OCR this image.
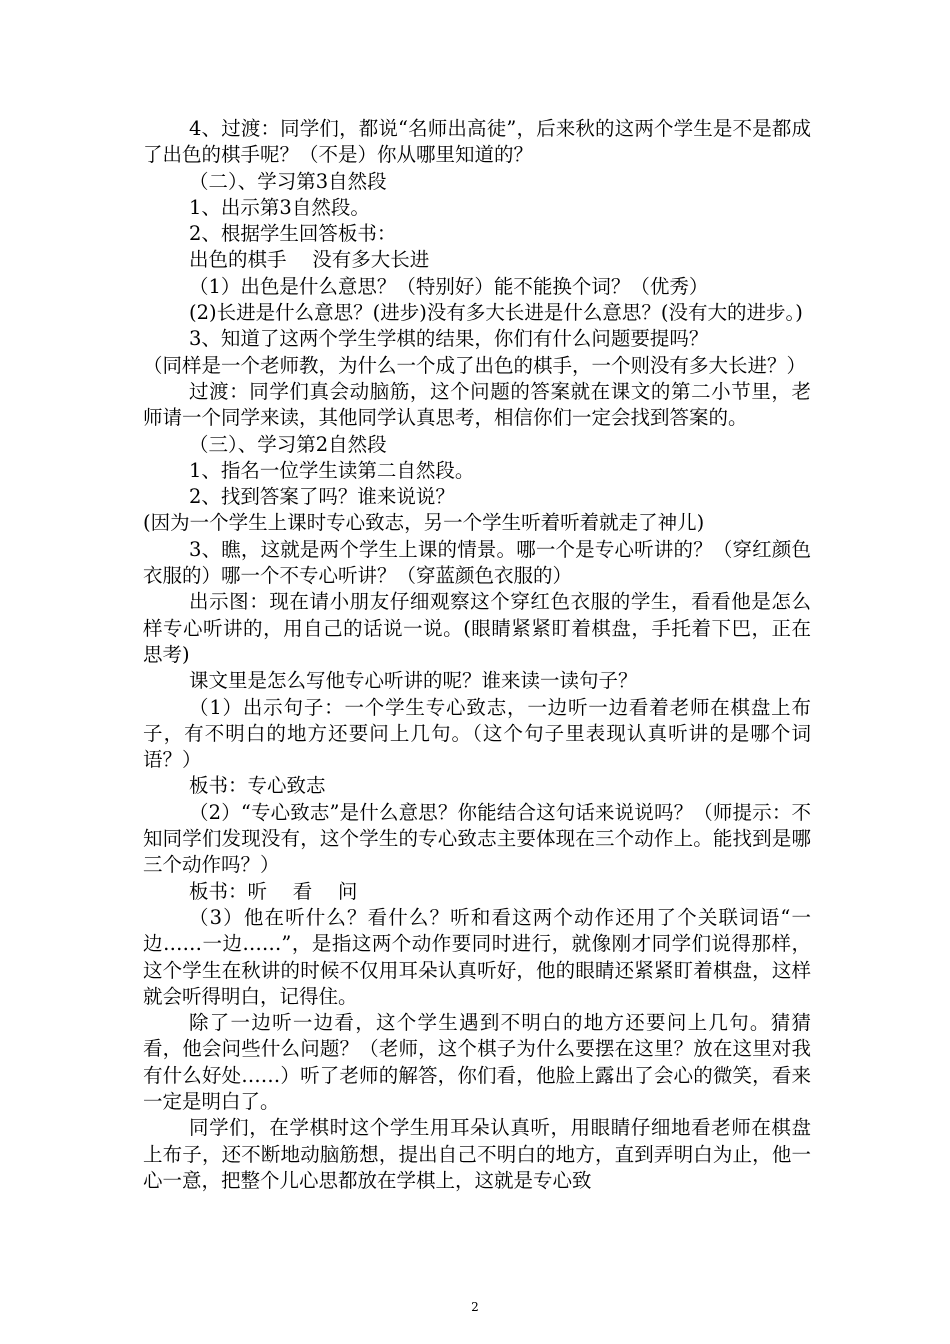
4、过渡：同学们，都说“名师出高徒”，后来秋的这两个学生是不是都成了出色的棋手呢？（不是）你从哪里知道的？

（二）、学习第3自然段

1、出示第3自然段。

2、根据学生回答板书：

出色的棋手　 没有多大长进

（1）出色是什么意思？（特别好）能不能换个词？（优秀）

(2)长进是什么意思？(进步)没有多大长进是什么意思？(没有大的进步。)

3、知道了这两个学生学棋的结果，你们有什么问题要提吗？

（同样是一个老师教，为什么一个成了出色的棋手，一个则没有多大长进？）

过渡：同学们真会动脑筋，这个问题的答案就在课文的第二小节里，老师请一个同学来读，其他同学认真思考，相信你们一定会找到答案的。

（三）、学习第2自然段

1、指名一位学生读第二自然段。

2、找到答案了吗？谁来说说？

(因为一个学生上课时专心致志，另一个学生听着听着就走了神儿)

3、瞧，这就是两个学生上课的情景。哪一个是专心听讲的？（穿红颜色衣服的）哪一个不专心听讲？（穿蓝颜色衣服的）

出示图：现在请小朋友仔细观察这个穿红色衣服的学生，看看他是怎么样专心听讲的，用自己的话说一说。(眼睛紧紧盯着棋盘，手托着下巴，正在思考)

课文里是怎么写他专心听讲的呢？谁来读一读句子？

（1）出示句子：一个学生专心致志，一边听一边看着老师在棋盘上布子，有不明白的地方还要问上几句。（这个句子里表现认真听讲的是哪个词语？）

板书：专心致志

（2）“专心致志”是什么意思？你能结合这句话来说说吗？（师提示：不知同学们发现没有，这个学生的专心致志主要体现在三个动作上。能找到是哪三个动作吗？）

板书：听　 看　 问

（3）他在听什么？看什么？听和看这两个动作还用了个关联词语“一边……一边……”，是指这两个动作要同时进行，就像刚才同学们说得那样，这个学生在秋讲的时候不仅用耳朵认真听好，他的眼睛还紧紧盯着棋盘，这样就会听得明白，记得住。

除了一边听一边看，这个学生遇到不明白的地方还要问上几句。猜猜看，他会问些什么问题？（老师，这个棋子为什么要摆在这里？放在这里对我有什么好处……）听了老师的解答，你们看，他脸上露出了会心的微笑，看来一定是明白了。

同学们，在学棋时这个学生用耳朵认真听，用眼睛仔细地看老师在棋盘上布子，还不断地动脑筋想，提出自己不明白的地方，直到弄明白为止，他一心一意，把整个儿心思都放在学棋上，这就是专心致

2
